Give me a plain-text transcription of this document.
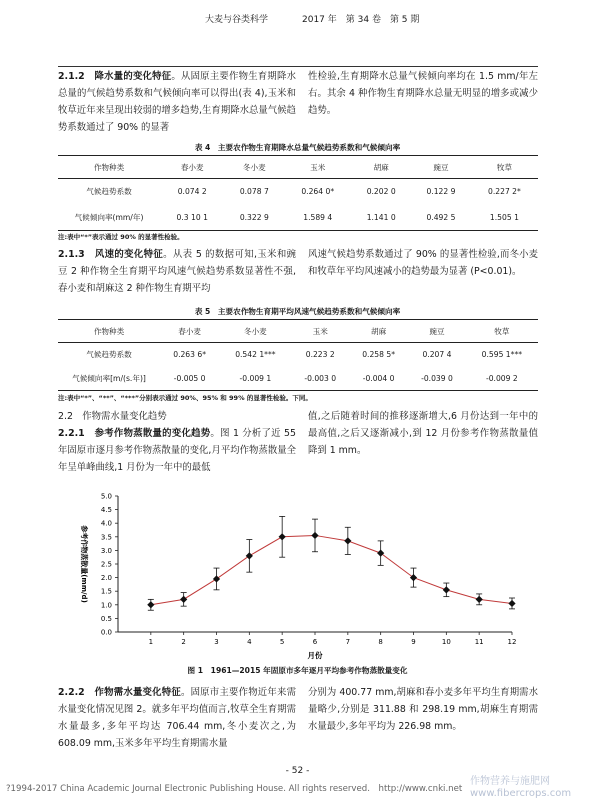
大麦与谷类科学	2017 年　第 34 卷　第 5 期
2.1.2　降水量的变化特征。从固原主要作物生育期降水总量的气候趋势系数和气候倾向率可以得出(表 4),玉米和牧草近年来呈现出较弱的增多趋势,生育期降水总量气候趋势系数通过了 90% 的显著
性检验,生育期降水总量气候倾向率均在 1.5 mm/年左右。其余 4 种作物生育期降水总量无明显的增多或减少趋势。
表 4　主要农作物生育期降水总量气候趋势系数和气候倾向率
作物种类	春小麦	冬小麦	玉米	胡麻	豌豆	牧草
气候趋势系数	0.074 2	0.078 7	0.264 0*	0.202 0	0.122 9	0.227 2*
气候倾向率(mm/年)	0.3 10 1	0.322 9	1.589 4	1.141 0	0.492 5	1.505 1
注:表中“*”表示通过 90% 的显著性检验。
2.1.3　风速的变化特征。从表 5 的数据可知,玉米和豌豆 2 种作物全生育期平均风速气候趋势系数显著性不强,春小麦和胡麻这 2 种作物生育期平均
风速气候趋势系数通过了 90% 的显著性检验,而冬小麦和牧草年平均风速减小的趋势最为显著 (P<0.01)。
表 5　主要农作物生育期平均风速气候趋势系数和气候倾向率
作物种类	春小麦	冬小麦	玉米	胡麻	豌豆	牧草
气候趋势系数	0.263 6*	0.542 1***	0.223 2	0.258 5*	0.207 4	0.595 1***
气候倾向率[m/(s.年)]	-0.005 0	-0.009 1	-0.003 0	-0.004 0	-0.039 0	-0.009 2
注:表中“*”、“**”、“***”分别表示通过 90%、95% 和 99% 的显著性检验。下同。
2.2　作物需水量变化趋势
2.2.1　参考作物蒸散量的变化趋势。图 1 分析了近 55 年固原市逐月参考作物蒸散量的变化,月平均作物蒸散量全年呈单峰曲线,1 月份为一年中的最低
值,之后随着时间的推移逐渐增大,6 月份达到一年中的最高值,之后又逐渐减小,到 12 月份参考作物蒸散量值降到 1 mm。
0.0
0.5
1.0
1.5
2.0
2.5
3.0
3.5
4.0
4.5
5.0
1	2	3	4	5	6	7	8	9	10	11	12
参考作物蒸散量(mm/d)
月份
图 1　1961—2015 年固原市多年逐月平均参考作物蒸散量变化
2.2.2　作物需水量变化特征。固原市主要作物近年来需水量变化情况见图 2。就多年平均值而言,牧草全生育期需水量最多,多年平均达 706.44 mm,冬小麦次之,为 608.09 mm,玉米多年平均生育期需水量
分别为 400.77 mm,胡麻和春小麦多年平均生育期需水量略少,分别是 311.88 和 298.19 mm,胡麻生育期需水量最少,多年平均为 226.98 mm。
- 52 -
?1994-2017 China Academic Journal Electronic Publishing House. All rights reserved.　http://www.cnki.net
作物营养与施肥网
www.fibercrops.com
